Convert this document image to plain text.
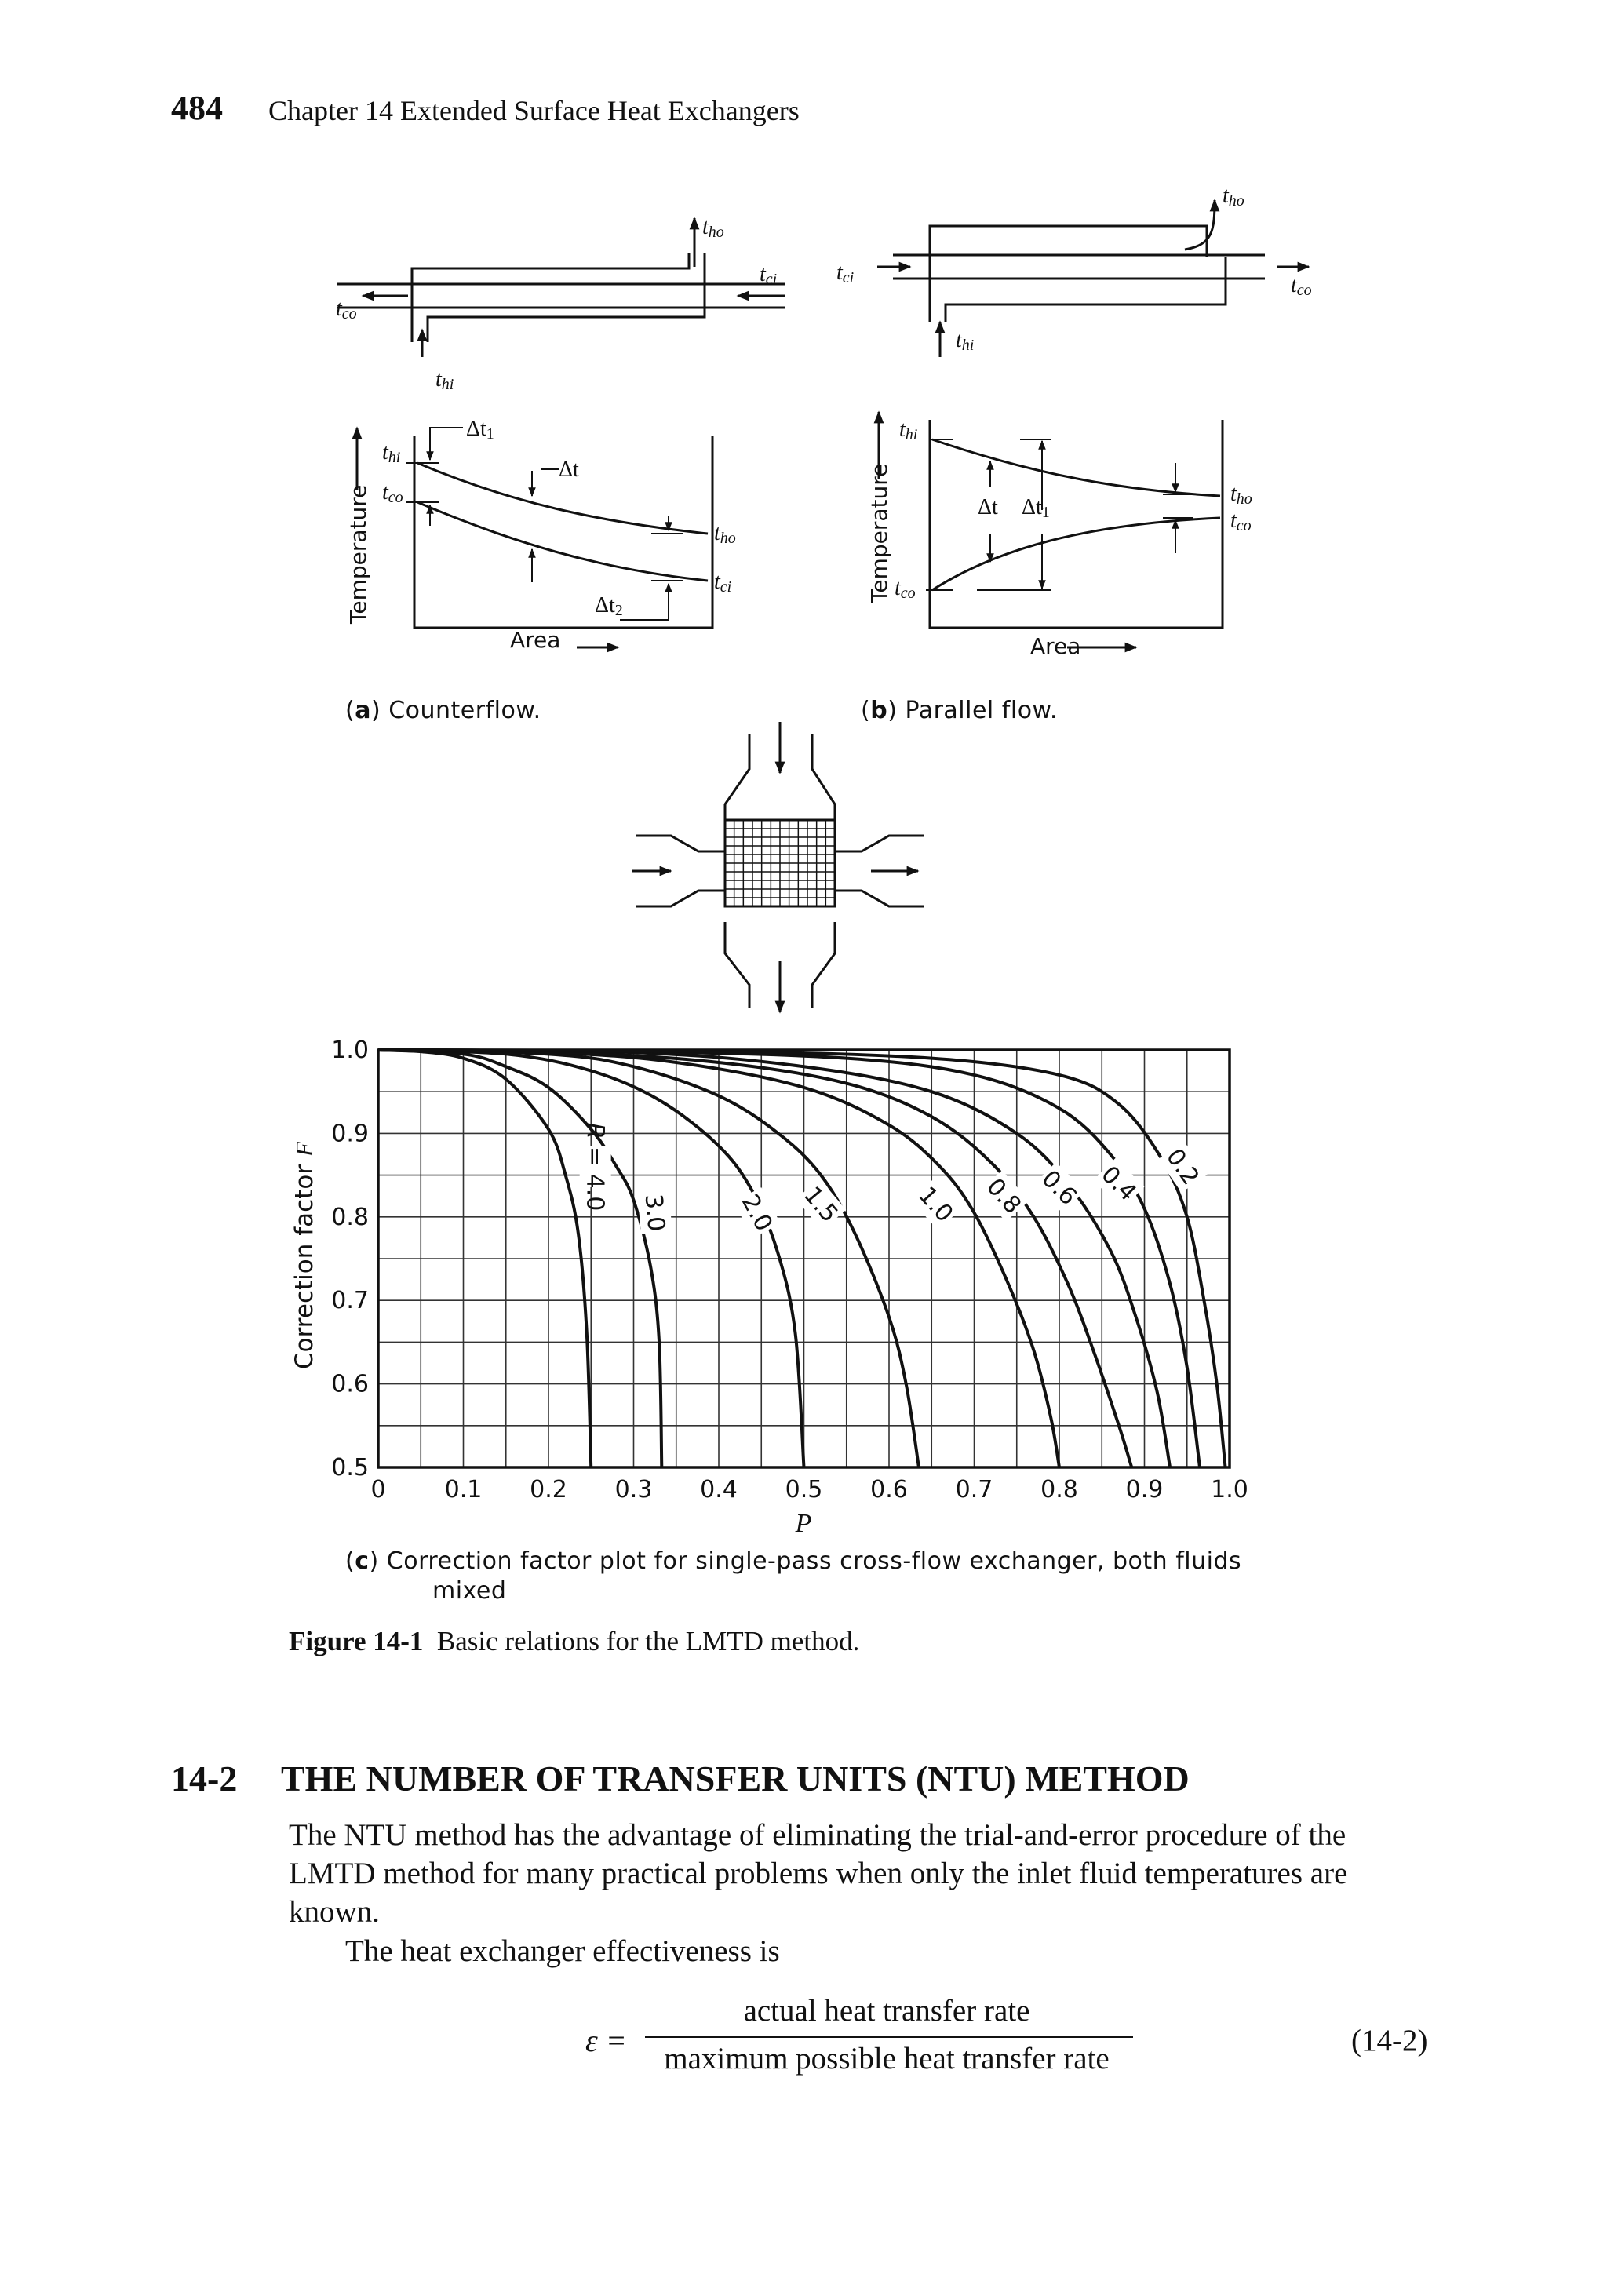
484 Chapter 14 Extended Surface Heat Exchangers
tho
tci
tco
thi
thi
tco
tho
tci
Δt1
Δt
Δt2
Temperature
Area
Temperature
Area
tho
tci	tco
thi
thi
tco
tho
tco
Δt Δt1
(a) Counterflow.	(b) Parallel flow.
0	0.1 0.2 0.3 0.4 0.5 0.6 0.7 0.8 0.9 1.0
0.5
0.6
0.7
0.8
0.9
1.0
R = 4.0
3.0	2.0 1.5	1.0 0.8 0.6 0.4 0.2
P
Correction factor F
(c) Correction factor plot for single-pass cross-flow exchanger, both fluids
mixed
Figure 14-1 Basic relations for the LMTD method.
14-2 THE NUMBER OF TRANSFER UNITS (NTU) METHOD
The NTU method has the advantage of eliminating the trial-and-error procedure of the LMTD method for many practical problems when only the inlet fluid temperatures are known.
The heat exchanger effectiveness is
ε =
actual heat transfer rate
maximum possible heat transfer rate
(14-2)
